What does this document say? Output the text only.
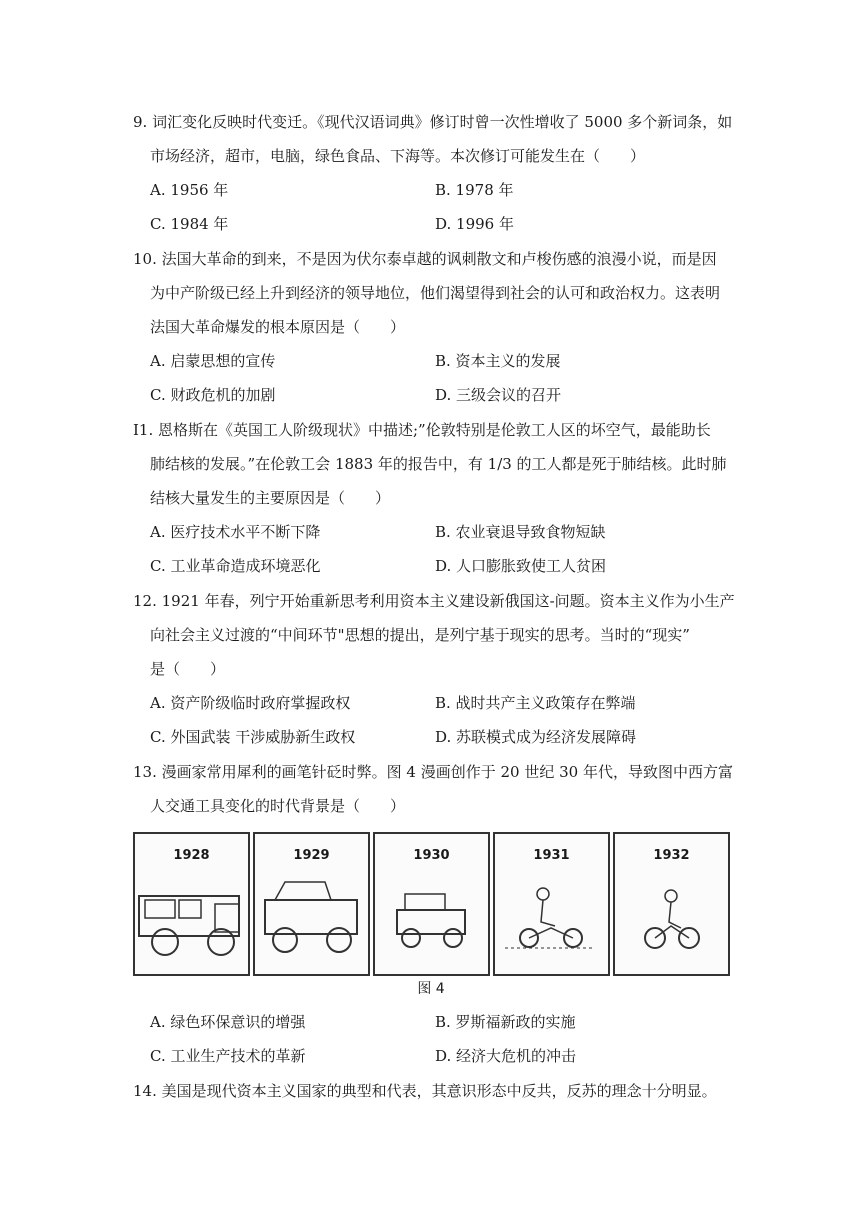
9. 词汇变化反映时代变迁。《现代汉语词典》修订时曾一次性增收了 5000 多个新词条，如
市场经济，超市，电脑，绿色食品、下海等。本次修订可能发生在（　　）
A. 1956 年	B. 1978 年
C. 1984 年	D. 1996 年
10. 法国大革命的到来，不是因为伏尔泰卓越的讽刺散文和卢梭伤感的浪漫小说，而是因
为中产阶级已经上升到经济的领导地位，他们渴望得到社会的认可和政治权力。这表明
法国大革命爆发的根本原因是（　　）
A. 启蒙思想的宣传	B. 资本主义的发展
C. 财政危机的加剧	D. 三级会议的召开
I1. 恩格斯在《英国工人阶级现状》中描述;”伦敦特别是伦敦工人区的坏空气，最能助长
肺结核的发展。”在伦敦工会 1883 年的报告中，有 1/3 的工人都是死于肺结核。此时肺
结核大量发生的主要原因是（　　）
A. 医疗技术水平不断下降	B. 农业衰退导致食物短缺
C. 工业革命造成环境恶化	D. 人口膨胀致使工人贫困
12. 1921 年春，列宁开始重新思考利用资本主义建设新俄国这-问题。资本主义作为小生产
向社会主义过渡的“中间环节"思想的提出，是列宁基于现实的思考。当时的“现实”
是（　　）
A. 资产阶级临时政府掌握政权	B. 战时共产主义政策存在弊端
C. 外国武装 干涉威胁新生政权	D. 苏联模式成为经济发展障碍
13. 漫画家常用犀利的画笔针砭时弊。图 4 漫画创作于 20 世纪 30 年代，导致图中西方富
人交通工具变化的时代背景是（　　）
1928	1929	1930	1931	1932
图 4
A. 绿色环保意识的增强	B. 罗斯福新政的实施
C. 工业生产技术的革新	D. 经济大危机的冲击
14. 美国是现代资本主义国家的典型和代表，其意识形态中反共，反苏的理念十分明显。
